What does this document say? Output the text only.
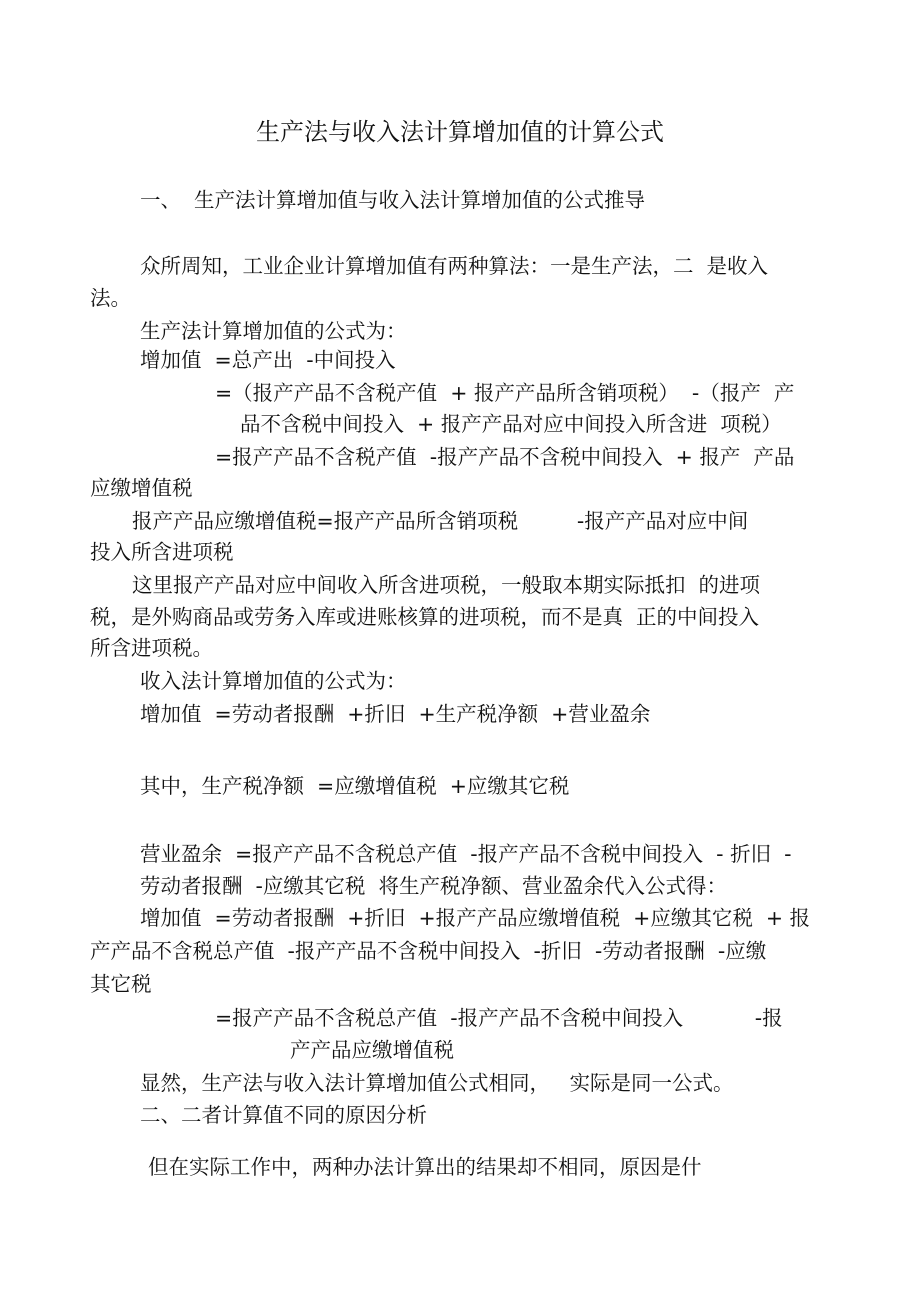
生产法与收入法计算增加值的计算公式
一、  生产法计算增加值与收入法计算增加值的公式推导
众所周知，工业企业计算增加值有两种算法：一是生产法，二  是收入
法。
生产法计算增加值的公式为：
增加值  =总产出  -中间投入
=（报产产品不含税产值  + 报产产品所含销项税）  -（报产  产
品不含税中间投入  + 报产产品对应中间投入所含进  项税）
=报产产品不含税产值  -报产产品不含税中间投入  + 报产  产品
应缴增值税
报产产品应缴增值税=报产产品所含销项税         -报产产品对应中间
投入所含进项税
这里报产产品对应中间收入所含进项税，一般取本期实际抵扣  的进项
税，是外购商品或劳务入库或进账核算的进项税，而不是真  正的中间投入
所含进项税。
收入法计算增加值的公式为：
增加值  =劳动者报酬  +折旧  +生产税净额  +营业盈余
其中，生产税净额  =应缴增值税  +应缴其它税
营业盈余  =报产产品不含税总产值  -报产产品不含税中间投入  - 折旧  -
劳动者报酬  -应缴其它税  将生产税净额、营业盈余代入公式得：
增加值  =劳动者报酬  +折旧  +报产产品应缴增值税  +应缴其它税  + 报
产产品不含税总产值  -报产产品不含税中间投入  -折旧  -劳动者报酬  -应缴
其它税
=报产产品不含税总产值  -报产产品不含税中间投入           -报
产产品应缴增值税
显然，生产法与收入法计算增加值公式相同，   实际是同一公式。
二、二者计算值不同的原因分析
但在实际工作中，两种办法计算出的结果却不相同，原因是什
